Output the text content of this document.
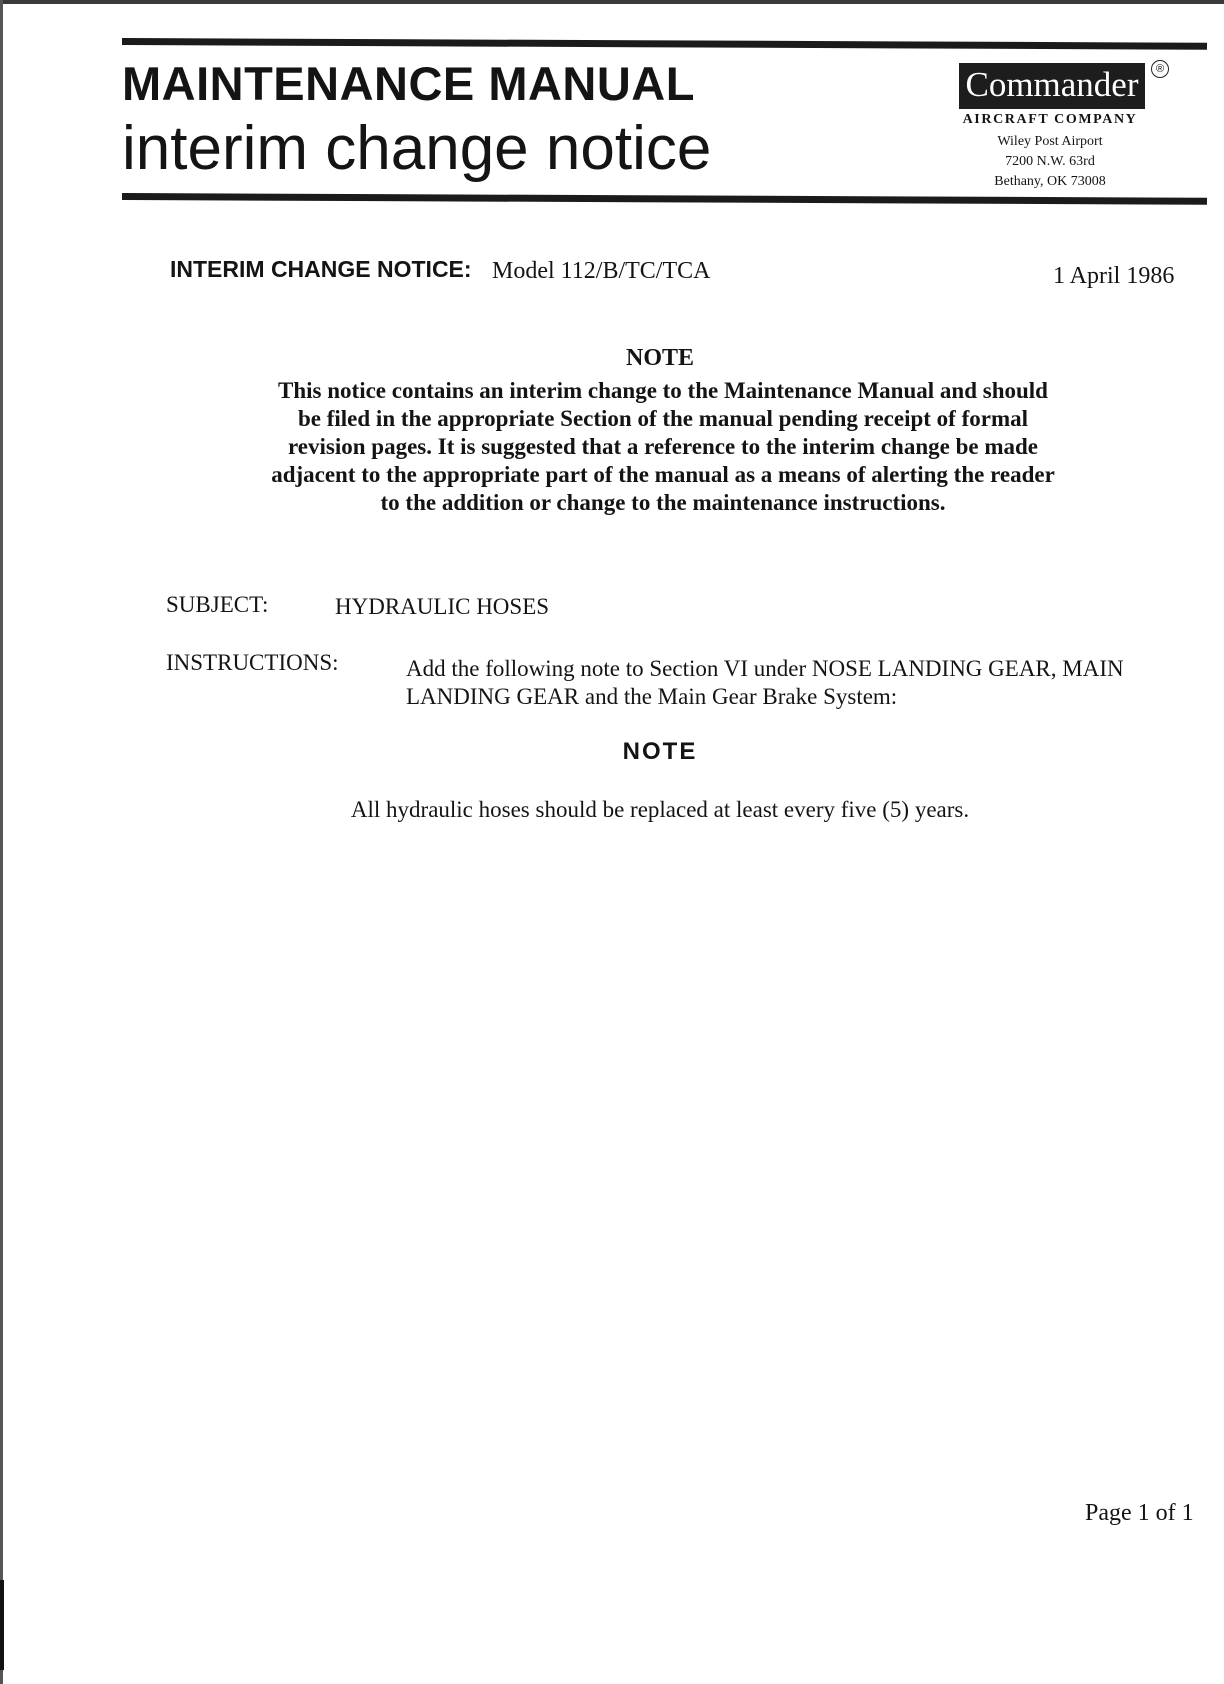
MAINTENANCE MANUAL
interim change notice
Commander	®
AIRCRAFT COMPANY
Wiley Post Airport
7200 N.W. 63rd
Bethany, OK 73008
INTERIM CHANGE NOTICE: Model 112/B/TC/TCA	1 April 1986
NOTE
This notice contains an interim change to the Maintenance Manual and should be filed in the appropriate Section of the manual pending receipt of formal revision pages. It is suggested that a reference to the interim change be made adjacent to the appropriate part of the manual as a means of alerting the reader to the addition or change to the maintenance instructions.
SUBJECT:	HYDRAULIC HOSES
INSTRUCTIONS:	Add the following note to Section VI under NOSE LANDING GEAR, MAIN LANDING GEAR and the Main Gear Brake System:
NOTE
All hydraulic hoses should be replaced at least every five (5) years.
Page 1 of 1
